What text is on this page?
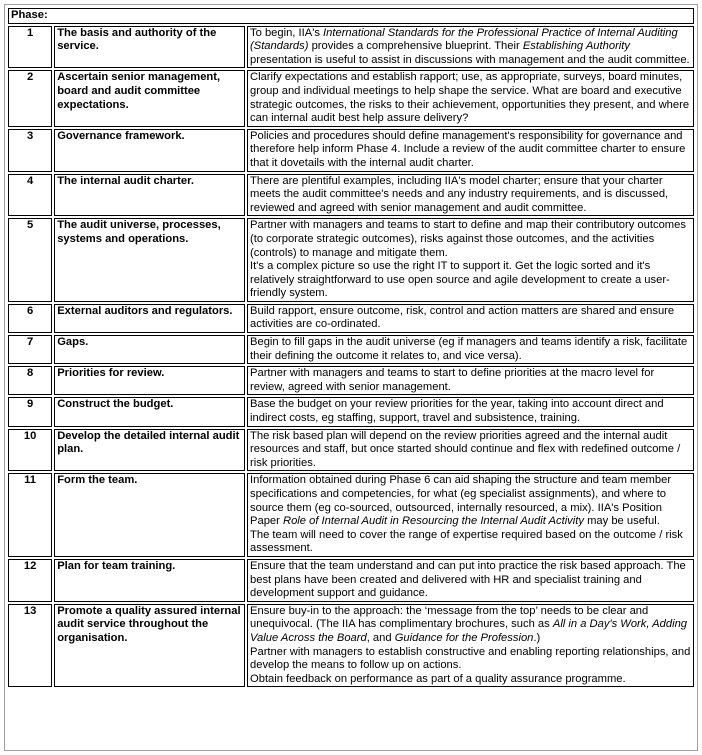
Phase:		
1	The basis and authority of the service.	To begin, IIA's International Standards for the Professional Practice of Internal Auditing (Standards) provides a comprehensive blueprint. Their Establishing Authority presentation is useful to assist in discussions with management and the audit committee.

2	Ascertain senior management, board and audit committee expectations.	Clarify expectations and establish rapport; use, as appropriate, surveys, board minutes, group and individual meetings to help shape the service. What are board and executive strategic outcomes, the risks to their achievement, opportunities they present, and where can internal audit best help assure delivery?

3	Governance framework.	Policies and procedures should define management's responsibility for governance and therefore help inform Phase 4. Include a review of the audit committee charter to ensure that it dovetails with the internal audit charter.

4	The internal audit charter.	There are plentiful examples, including IIA's model charter; ensure that your charter meets the audit committee's needs and any industry requirements, and is discussed, reviewed and agreed with senior management and audit committee.

5	The audit universe, processes, systems and operations.	Partner with managers and teams to start to define and map their contributory outcomes (to corporate strategic outcomes), risks against those outcomes, and the activities (controls) to manage and mitigate them.

It's a complex picture so use the right IT to support it. Get the logic sorted and it's relatively straightforward to use open source and agile development to create a user-friendly system.

6	External auditors and regulators.	Build rapport, ensure outcome, risk, control and action matters are shared and ensure activities are co-ordinated.

7	Gaps.	Begin to fill gaps in the audit universe (eg if managers and teams identify a risk, facilitate their defining the outcome it relates to, and vice versa).

8	Priorities for review.	Partner with managers and teams to start to define priorities at the macro level for review, agreed with senior management.

9	Construct the budget.	Base the budget on your review priorities for the year, taking into account direct and indirect costs, eg staffing, support, travel and subsistence, training.

10	Develop the detailed internal audit plan.	The risk based plan will depend on the review priorities agreed and the internal audit resources and staff, but once started should continue and flex with redefined outcome / risk priorities.

11	Form the team.	Information obtained during Phase 6 can aid shaping the structure and team member specifications and competencies, for what (eg specialist assignments), and where to source them (eg co-sourced, outsourced, internally resourced, a mix). IIA's Position Paper Role of Internal Audit in Resourcing the Internal Audit Activity may be useful.

The team will need to cover the range of expertise required based on the outcome / risk assessment.

12	Plan for team training.	Ensure that the team understand and can put into practice the risk based approach. The best plans have been created and delivered with HR and specialist training and development support and guidance.

13	Promote a quality assured internal audit service throughout the organisation.	Ensure buy-in to the approach: the ‘message from the top’ needs to be clear and unequivocal. (The IIA has complimentary brochures, such as All in a Day's Work, Adding Value Across the Board, and Guidance for the Profession.)

Partner with managers to establish constructive and enabling reporting relationships, and develop the means to follow up on actions.

Obtain feedback on performance as part of a quality assurance programme.
